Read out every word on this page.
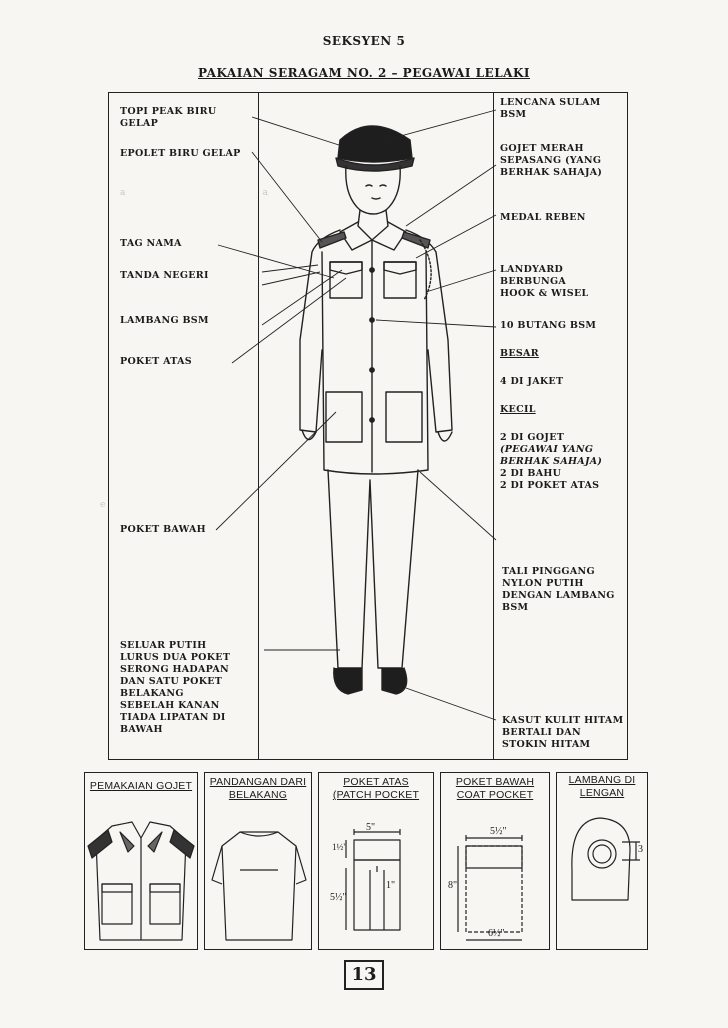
a                                                a
e
SEKSYEN 5
PAKAIAN SERAGAM NO. 2 – PEGAWAI LELAKI
TOPI PEAK BIRU
GELAP
EPOLET BIRU GELAP
TAG NAMA
TANDA NEGERI
LAMBANG BSM
POKET ATAS
POKET BAWAH
SELUAR PUTIH
LURUS DUA POKET
SERONG HADAPAN
DAN SATU POKET
BELAKANG
SEBELAH KANAN
TIADA LIPATAN DI
BAWAH
LENCANA SULAM
BSM
GOJET MERAH
SEPASANG (YANG
BERHAK SAHAJA)
MEDAL REBEN
LANDYARD
BERBUNGA
HOOK & WISEL
10 BUTANG BSM
BESAR
4 DI JAKET
KECIL
2 DI GOJET
(PEGAWAI YANG
BERHAK SAHAJA)
2 DI BAHU
2 DI POKET ATAS
TALI PINGGANG
NYLON PUTIH
DENGAN LAMBANG
BSM
KASUT KULIT HITAM
BERTALI DAN
STOKIN HITAM
PEMAKAIAN GOJET	PANDANGAN DARI
BELAKANG
POKET ATAS
(PATCH POCKET
POKET BAWAH
COAT POCKET
LAMBANG DI
LENGAN
5"
1½"
5½"
1"
5½"
8"
6½"
3
13
